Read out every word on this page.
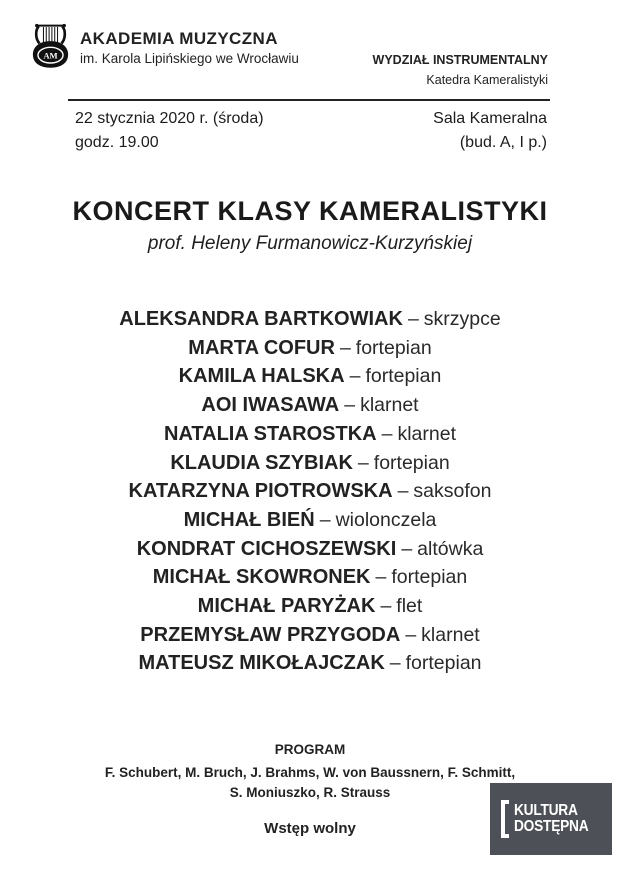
AM
AKADEMIA MUZYCZNA
im. Karola Lipińskiego we Wrocławiu	WYDZIAŁ INSTRUMENTALNY
Katedra Kameralistyki
22 stycznia 2020 r. (środa)
godz. 19.00
Sala Kameralna
(bud. A, I p.)
KONCERT KLASY KAMERALISTYKI
prof. Heleny Furmanowicz-Kurzyńskiej
ALEKSANDRA BARTKOWIAK – skrzypce
MARTA COFUR – fortepian
KAMILA HALSKA – fortepian
AOI IWASAWA – klarnet
NATALIA STAROSTKA – klarnet
KLAUDIA SZYBIAK – fortepian
KATARZYNA PIOTROWSKA – saksofon
MICHAŁ BIEŃ – wiolonczela
KONDRAT CICHOSZEWSKI – altówka
MICHAŁ SKOWRONEK – fortepian
MICHAŁ PARYŻAK – flet
PRZEMYSŁAW PRZYGODA – klarnet
MATEUSZ MIKOŁAJCZAK – fortepian
PROGRAM
F. Schubert, M. Bruch, J. Brahms, W. von Baussnern, F. Schmitt,
S. Moniuszko, R. Strauss
Wstęp wolny
KULTURA
DOSTĘPNA
